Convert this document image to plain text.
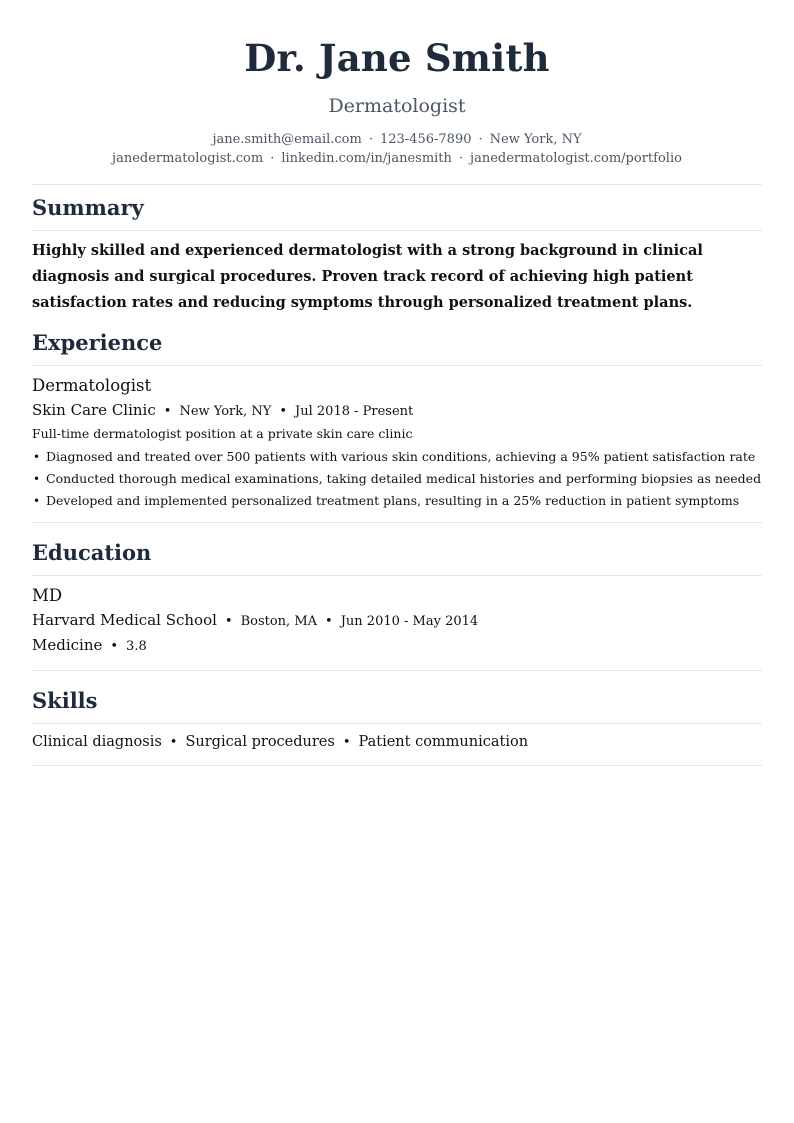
Dr. Jane Smith
Dermatologist
jane.smith@email.com · 123-456-7890 · New York, NY
janedermatologist.com · linkedin.com/in/janesmith · janedermatologist.com/portfolio
Summary
Highly skilled and experienced dermatologist with a strong background in clinical diagnosis and surgical procedures. Proven track record of achieving high patient satisfaction rates and reducing symptoms through personalized treatment plans.
Experience
Dermatologist
Skin Care Clinic • New York, NY • Jul 2018 - Present
Full-time dermatologist position at a private skin care clinic
• Diagnosed and treated over 500 patients with various skin conditions, achieving a 95% patient satisfaction rate
• Conducted thorough medical examinations, taking detailed medical histories and performing biopsies as needed
• Developed and implemented personalized treatment plans, resulting in a 25% reduction in patient symptoms
Education
MD
Harvard Medical School • Boston, MA • Jun 2010 - May 2014
Medicine • 3.8
Skills
Clinical diagnosis • Surgical procedures • Patient communication
